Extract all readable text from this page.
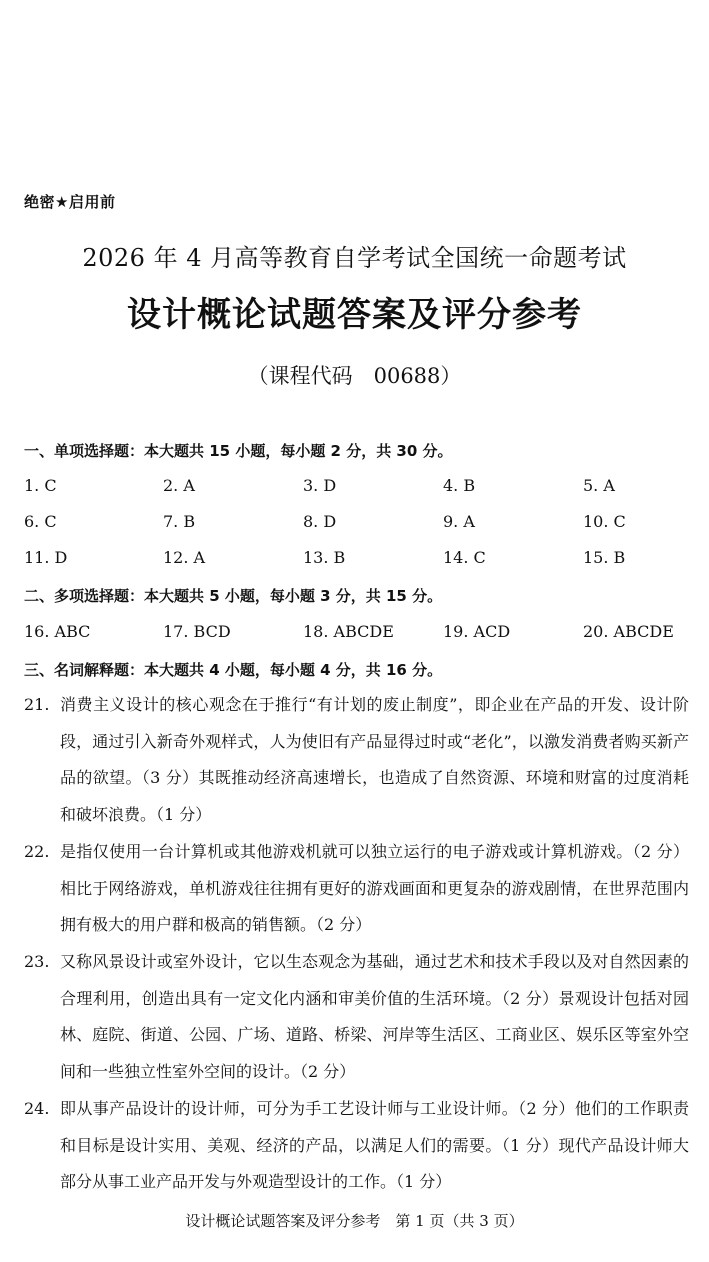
绝密★启用前
2026 年 4 月高等教育自学考试全国统一命题考试
设计概论试题答案及评分参考
（课程代码　00688）
一、单项选择题：本大题共 15 小题，每小题 2 分，共 30 分。
1. C	2. A	3. D	4. B	5. A
6. C	7. B	8. D	9. A	10. C
11. D	12. A	13. B	14. C	15. B
二、多项选择题：本大题共 5 小题，每小题 3 分，共 15 分。
16. ABC	17. BCD	18. ABCDE	19. ACD	20. ABCDE
三、名词解释题：本大题共 4 小题，每小题 4 分，共 16 分。
21. 消费主义设计的核心观念在于推行“有计划的废止制度”，即企业在产品的开发、设计阶段，通过引入新奇外观样式，人为使旧有产品显得过时或“老化”，以激发消费者购买新产品的欲望。（3 分）其既推动经济高速增长，也造成了自然资源、环境和财富的过度消耗和破坏浪费。（1 分）
22. 是指仅使用一台计算机或其他游戏机就可以独立运行的电子游戏或计算机游戏。（2 分）相比于网络游戏，单机游戏往往拥有更好的游戏画面和更复杂的游戏剧情，在世界范围内拥有极大的用户群和极高的销售额。（2 分）
23. 又称风景设计或室外设计，它以生态观念为基础，通过艺术和技术手段以及对自然因素的合理利用，创造出具有一定文化内涵和审美价值的生活环境。（2 分）景观设计包括对园林、庭院、街道、公园、广场、道路、桥梁、河岸等生活区、工商业区、娱乐区等室外空间和一些独立性室外空间的设计。（2 分）
24. 即从事产品设计的设计师，可分为手工艺设计师与工业设计师。（2 分）他们的工作职责和目标是设计实用、美观、经济的产品，以满足人们的需要。（1 分）现代产品设计师大部分从事工业产品开发与外观造型设计的工作。（1 分）
设计概论试题答案及评分参考　第 1 页（共 3 页）
